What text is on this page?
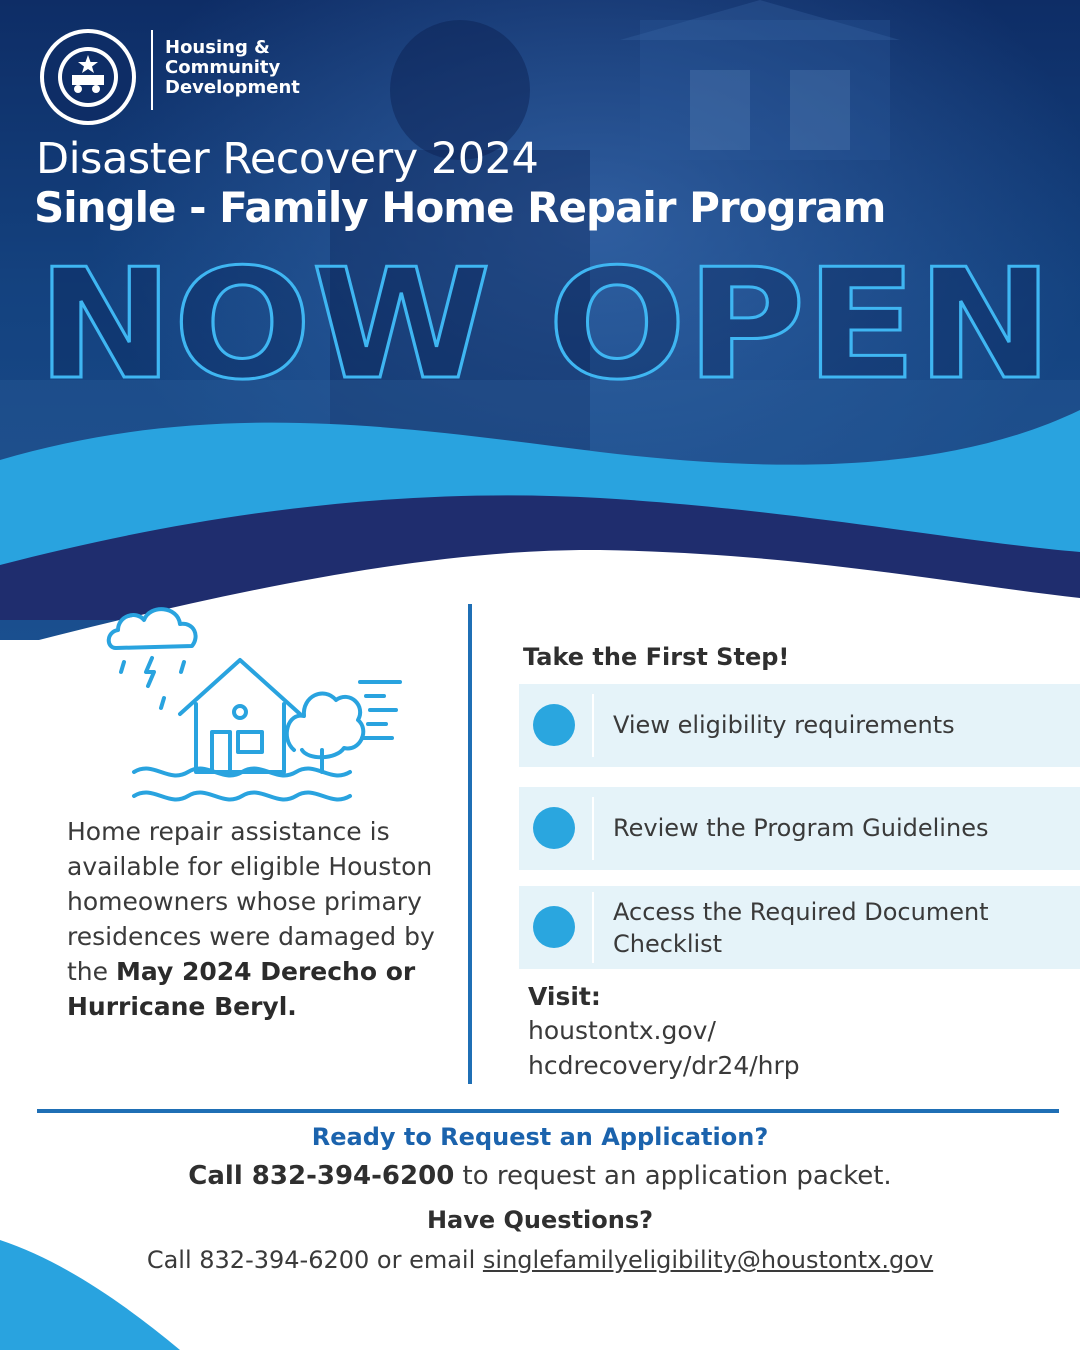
Housing &
Community
Development
Disaster Recovery 2024
Single - Family Home Repair Program
NOW OPEN
Home repair assistance is available for eligible Houston homeowners whose primary residences were damaged by the May 2024 Derecho or Hurricane Beryl.
Take the First Step!
View eligibility requirements
Review the Program Guidelines
Access the Required Document Checklist
Visit:
houstontx.gov/
hcdrecovery/dr24/hrp
Ready to Request an Application?
Call 832-394-6200 to request an application packet.
Have Questions?
Call 832-394-6200 or email singlefamilyeligibility@houstontx.gov
